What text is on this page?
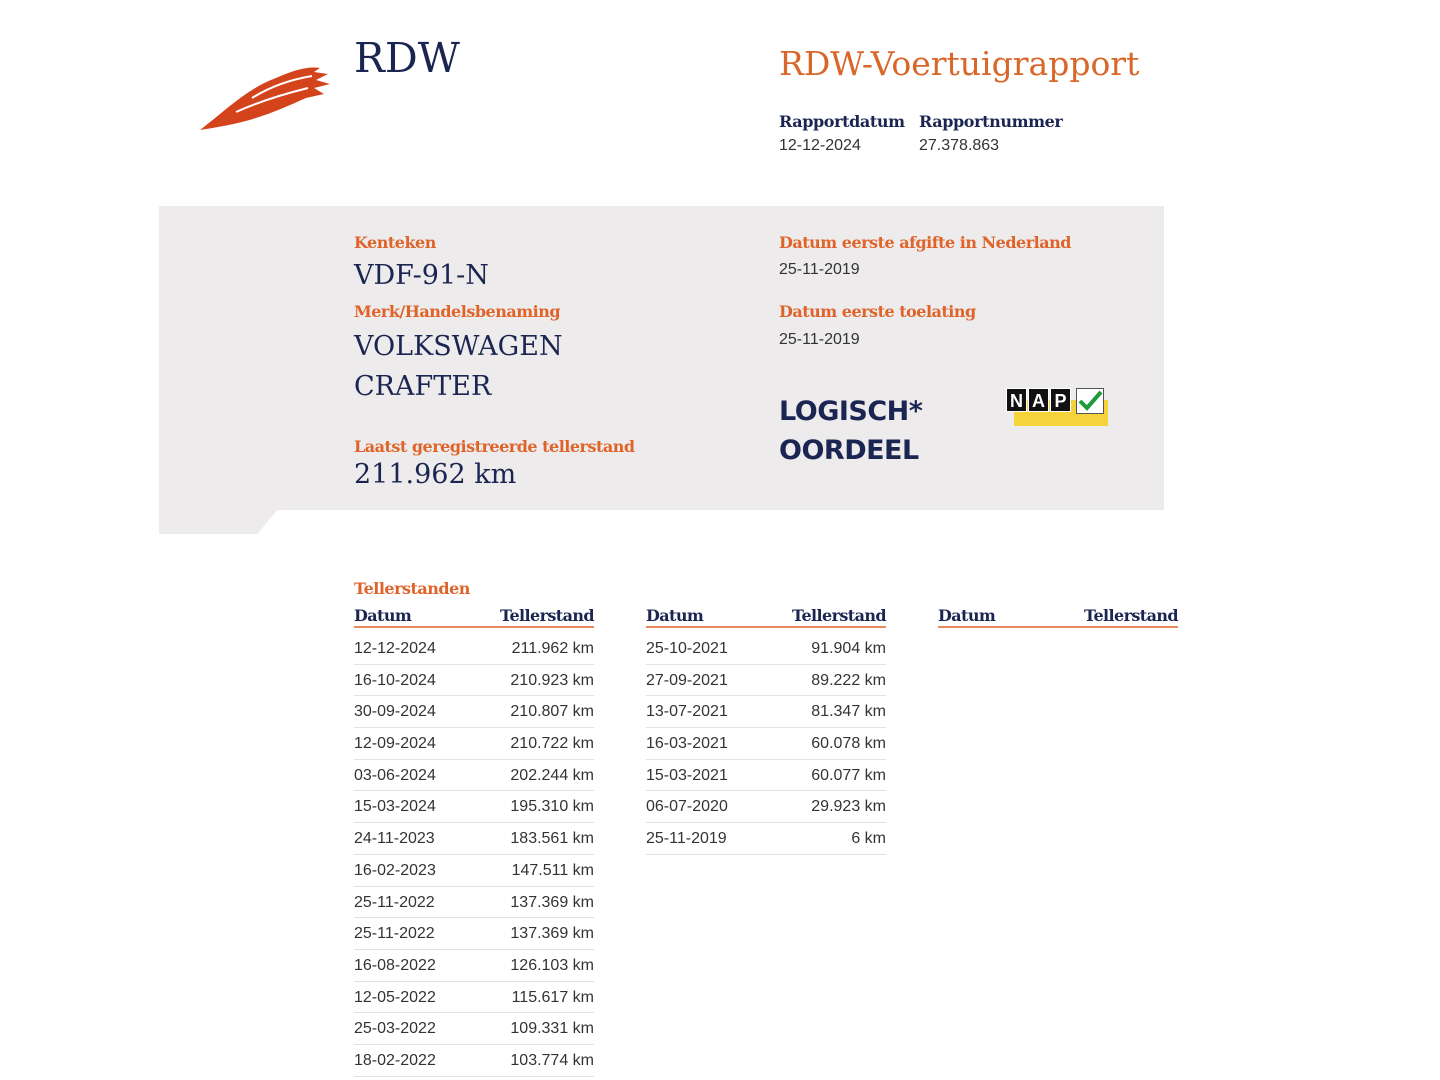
RDW	RDW-Voertuigrapport
Rapportdatum
12-12-2024
Rapportnummer
27.378.863
Kenteken
VDF-91-N
Merk/Handelsbenaming
VOLKSWAGEN
CRAFTER
Laatst geregistreerde tellerstand
211.962 km
Datum eerste afgifte in Nederland
25-11-2019
Datum eerste toelating
25-11-2019
LOGISCH*
OORDEEL
N A P
Tellerstanden
Datum	Tellerstand
12-12-2024	211.962 km
16-10-2024	210.923 km
30-09-2024	210.807 km
12-09-2024	210.722 km
03-06-2024	202.244 km
15-03-2024	195.310 km
24-11-2023	183.561 km
16-02-2023	147.511 km
25-11-2022	137.369 km
25-11-2022	137.369 km
16-08-2022	126.103 km
12-05-2022	115.617 km
25-03-2022	109.331 km
18-02-2022	103.774 km
Datum	Tellerstand
25-10-2021	91.904 km
27-09-2021	89.222 km
13-07-2021	81.347 km
16-03-2021	60.078 km
15-03-2021	60.077 km
06-07-2020	29.923 km
25-11-2019	6 km
Datum	Tellerstand
